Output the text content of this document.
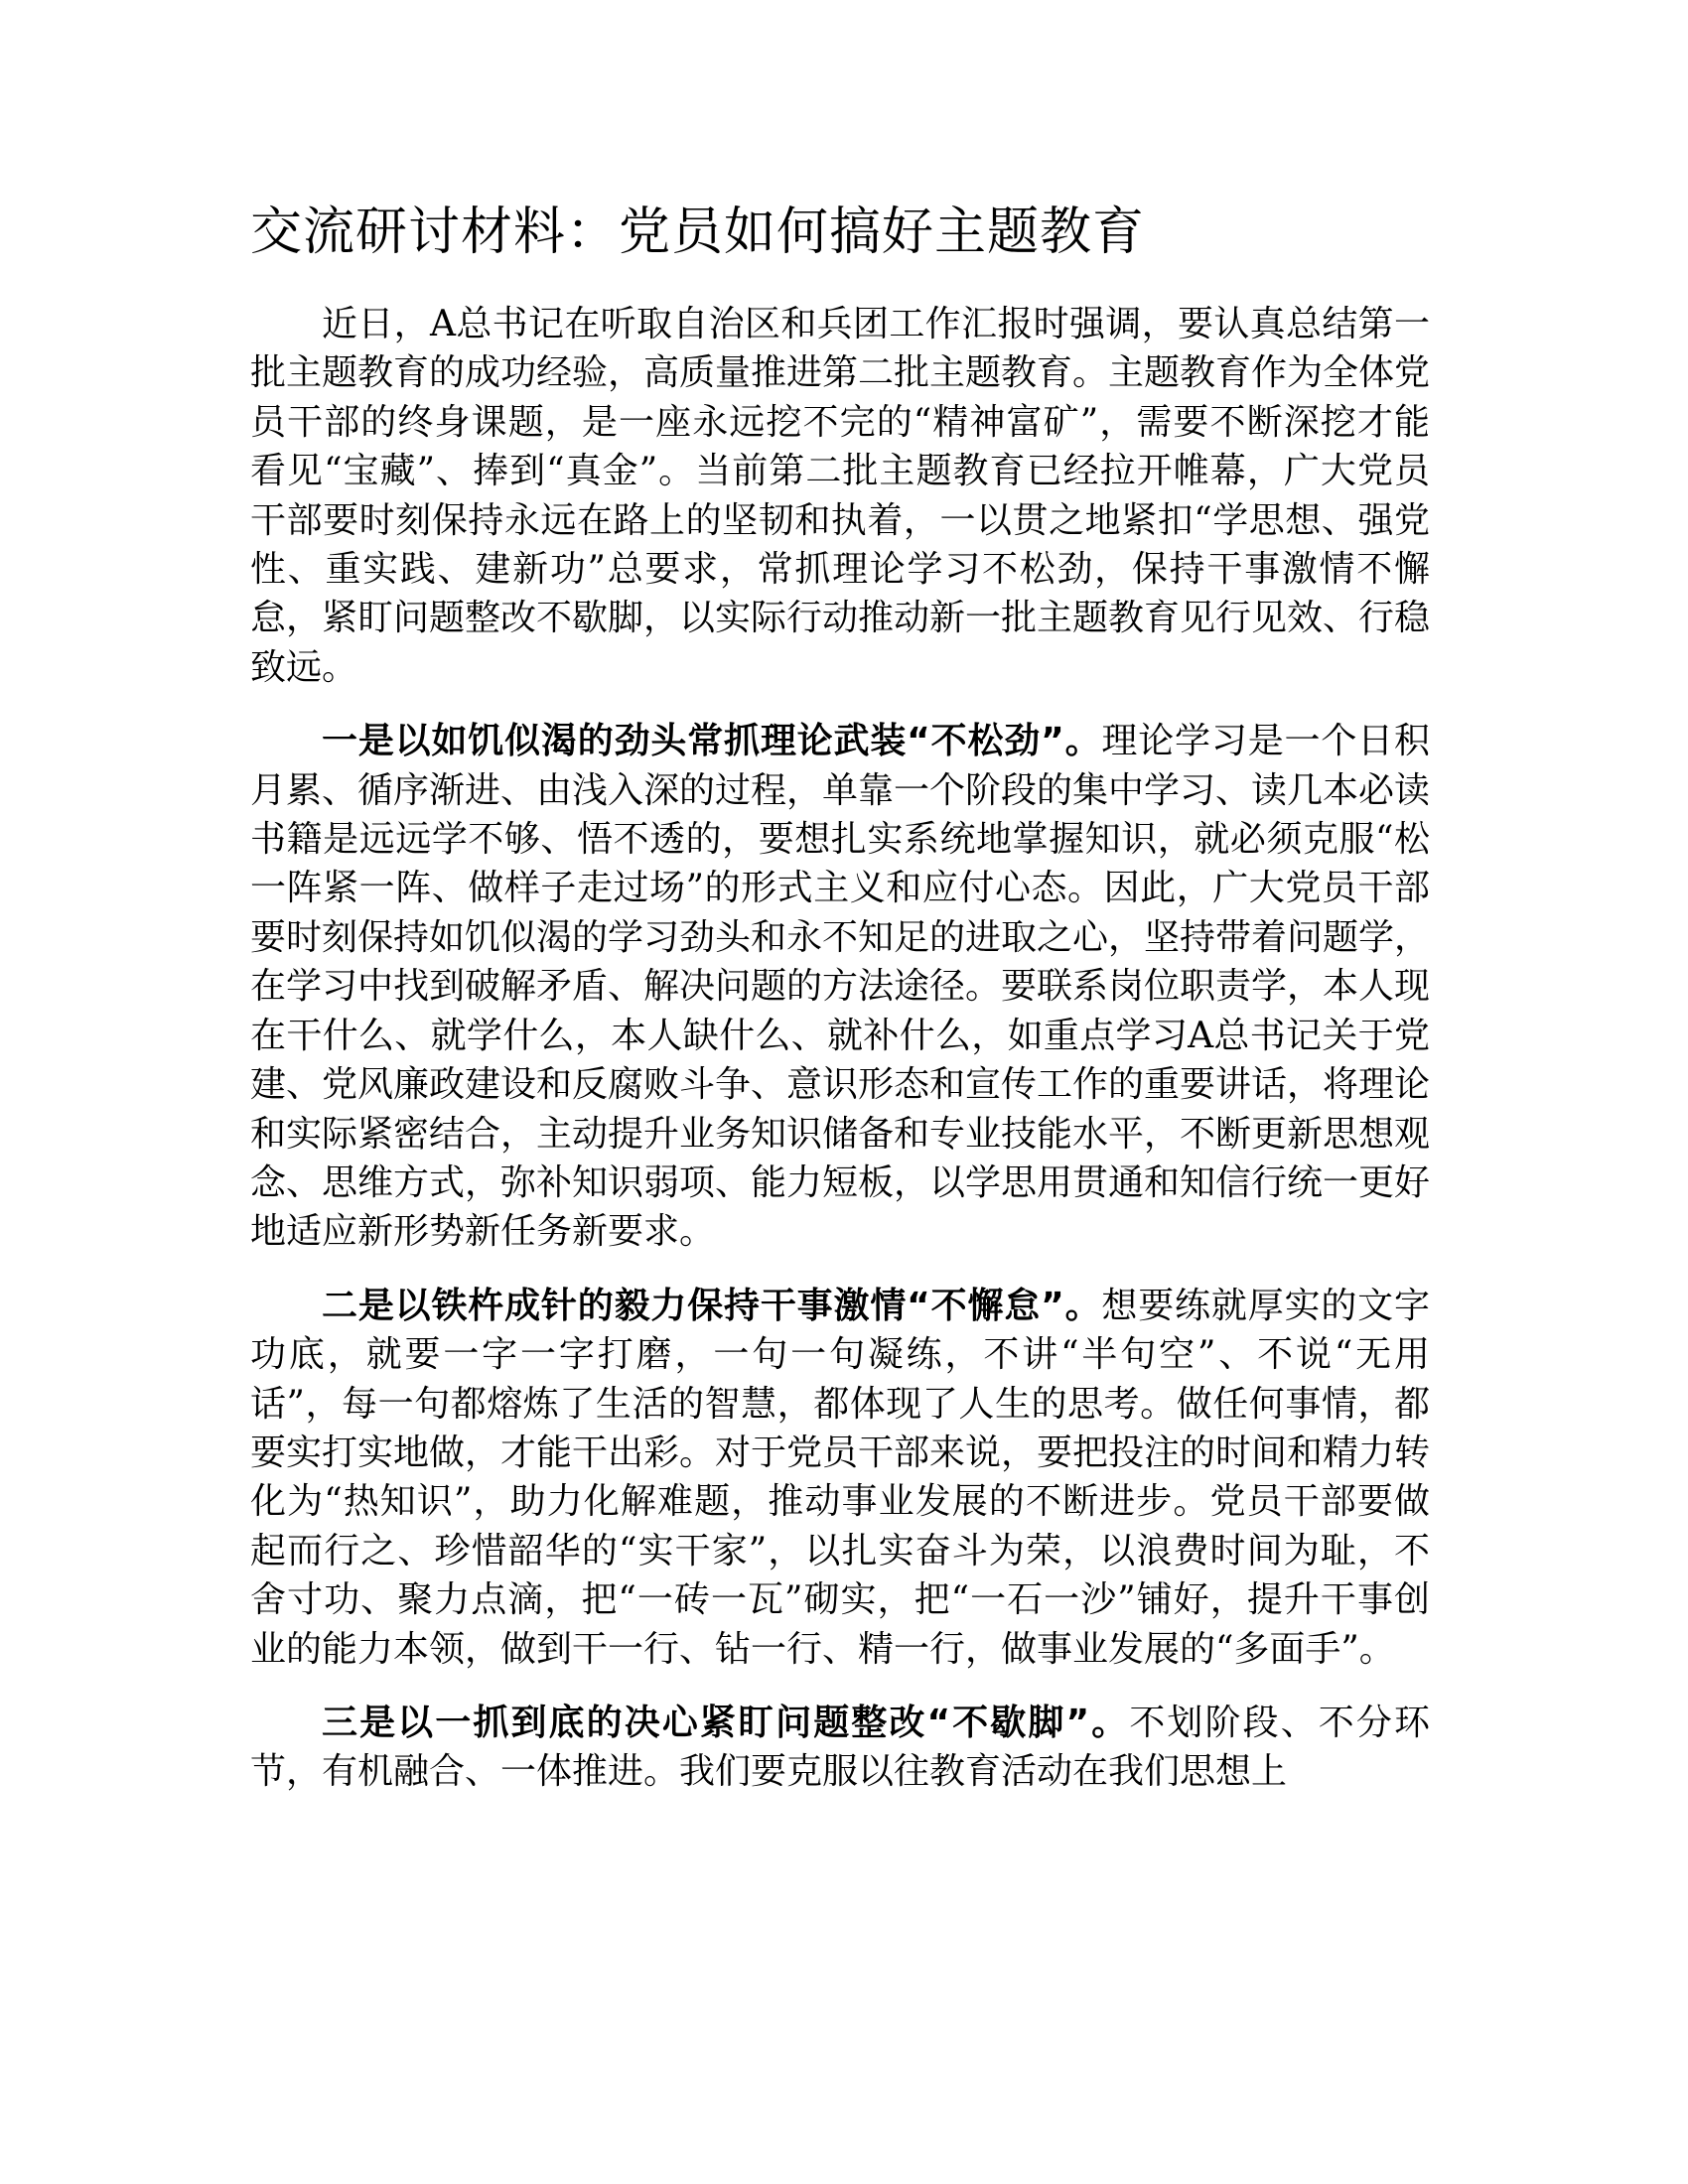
交流研讨材料：党员如何搞好主题教育

近日，A总书记在听取自治区和兵团工作汇报时强调，要认真总结第一批主题教育的成功经验，高质量推进第二批主题教育。主题教育作为全体党员干部的终身课题，是一座永远挖不完的“精神富矿”，需要不断深挖才能看见“宝藏”、捧到“真金”。当前第二批主题教育已经拉开帷幕，广大党员干部要时刻保持永远在路上的坚韧和执着，一以贯之地紧扣“学思想、强党性、重实践、建新功”总要求，常抓理论学习不松劲，保持干事激情不懈怠，紧盯问题整改不歇脚，以实际行动推动新一批主题教育见行见效、行稳致远。

一是以如饥似渴的劲头常抓理论武装“不松劲”。理论学习是一个日积月累、循序渐进、由浅入深的过程，单靠一个阶段的集中学习、读几本必读书籍是远远学不够、悟不透的，要想扎实系统地掌握知识，就必须克服“松一阵紧一阵、做样子走过场”的形式主义和应付心态。因此，广大党员干部要时刻保持如饥似渴的学习劲头和永不知足的进取之心，坚持带着问题学，在学习中找到破解矛盾、解决问题的方法途径。要联系岗位职责学，本人现在干什么、就学什么，本人缺什么、就补什么，如重点学习A总书记关于党建、党风廉政建设和反腐败斗争、意识形态和宣传工作的重要讲话，将理论和实际紧密结合，主动提升业务知识储备和专业技能水平，不断更新思想观念、思维方式，弥补知识弱项、能力短板，以学思用贯通和知信行统一更好地适应新形势新任务新要求。

二是以铁杵成针的毅力保持干事激情“不懈怠”。想要练就厚实的文字功底，就要一字一字打磨，一句一句凝练，不讲“半句空”、不说“无用话”，每一句都熔炼了生活的智慧，都体现了人生的思考。做任何事情，都要实打实地做，才能干出彩。对于党员干部来说，要把投注的时间和精力转化为“热知识”，助力化解难题，推动事业发展的不断进步。党员干部要做起而行之、珍惜韶华的“实干家”，以扎实奋斗为荣，以浪费时间为耻，不舍寸功、聚力点滴，把“一砖一瓦”砌实，把“一石一沙”铺好，提升干事创业的能力本领，做到干一行、钻一行、精一行，做事业发展的“多面手”。

三是以一抓到底的决心紧盯问题整改“不歇脚”。不划阶段、不分环节，有机融合、一体推进。我们要克服以往教育活动在我们思想上
